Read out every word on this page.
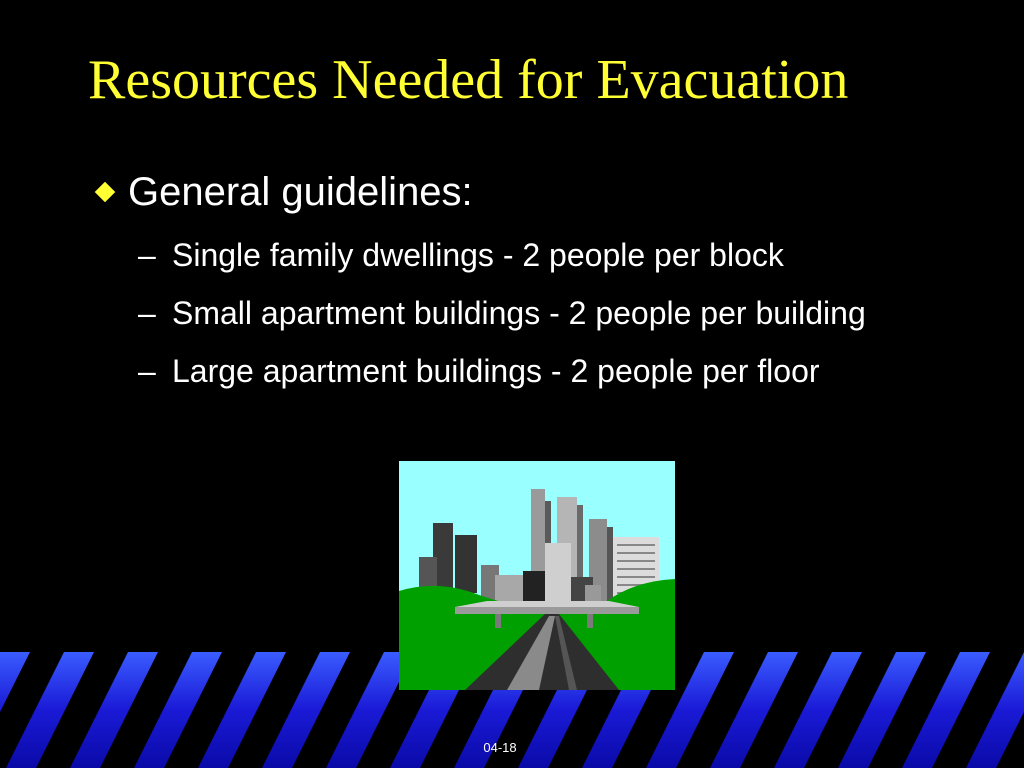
Resources Needed for Evacuation
General guidelines:
– Single family dwellings - 2 people per block
– Small apartment buildings - 2 people per building
– Large apartment buildings - 2 people per floor
04-18
